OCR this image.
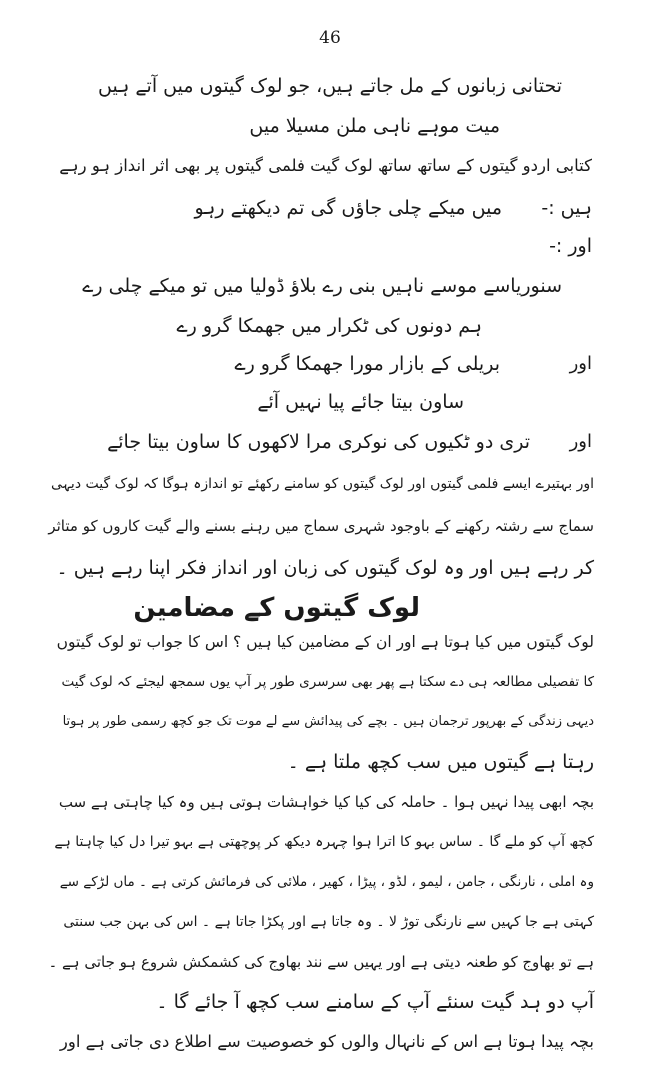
46
تحتانی زبانوں کے مل جاتے ہیں، جو لوک گیتوں میں آتے ہیں
میت موہے ناہی ملن مسیلا میں
کتابی اردو گیتوں کے ساتھ ساتھ لوک گیت فلمی گیتوں پر بھی اثر انداز ہو رہے
ہیں :-
میں میکے چلی جاؤں گی تم دیکھتے رہو
اور :-
سنوریاسے موسے ناہیں بنی رے بلاؤ ڈولیا میں تو میکے چلی رے
ہم دونوں کی ٹکرار میں جھمکا گرو رے
اور
بریلی کے بازار مورا جھمکا گرو رے
ساون بیتا جائے پیا نہیں آئے
اور
تری دو ٹکیوں کی نوکری مرا لاکھوں کا ساون بیتا جائے
اور بہتیرے ایسے فلمی گیتوں اور لوک گیتوں کو سامنے رکھئے تو اندازہ ہوگا کہ لوک گیت دیہی
سماج سے رشتہ رکھنے کے باوجود شہری سماج میں رہنے بسنے والے گیت کاروں کو متاثر
کر رہے ہیں اور وہ لوک گیتوں کی زبان اور انداز فکر اپنا رہے ہیں ۔
لوک گیتوں کے مضامین
لوک گیتوں میں کیا ہوتا ہے اور ان کے مضامین کیا ہیں ؟ اس کا جواب تو لوک گیتوں
کا تفصیلی مطالعہ ہی دے سکتا ہے پھر بھی سرسری طور پر آپ یوں سمجھ لیجئے کہ لوک گیت
دیہی زندگی کے بھرپور ترجمان ہیں ۔ بچے کی پیدائش سے لے موت تک جو کچھ رسمی طور پر ہوتا
رہتا ہے گیتوں میں سب کچھ ملتا ہے ۔
بچہ ابھی پیدا نہیں ہوا ۔ حاملہ کی کیا کیا خواہشات ہوتی ہیں وہ کیا چاہتی ہے سب
کچھ آپ کو ملے گا ۔ ساس بہو کا اترا ہوا چہرہ دیکھ کر پوچھتی ہے بہو تیرا دل کیا چاہتا ہے
وہ املی ، نارنگی ، جامن ، لیمو ، لڈو ، پیڑا ، کھیر ، ملائی کی فرمائش کرتی ہے ۔ ماں لڑکے سے
کہتی ہے جا کہیں سے نارنگی توڑ لا ۔ وہ جاتا ہے اور پکڑا جاتا ہے ۔ اس کی بہن جب سنتی
ہے تو بھاوج کو طعنہ دیتی ہے اور یہیں سے نند بھاوج کی کشمکش شروع ہو جاتی ہے ۔
آپ دو ہد گیت سنئے آپ کے سامنے سب کچھ آ جائے گا ۔
بچہ پیدا ہوتا ہے اس کے نانہال والوں کو خصوصیت سے اطلاع دی جاتی ہے اور
